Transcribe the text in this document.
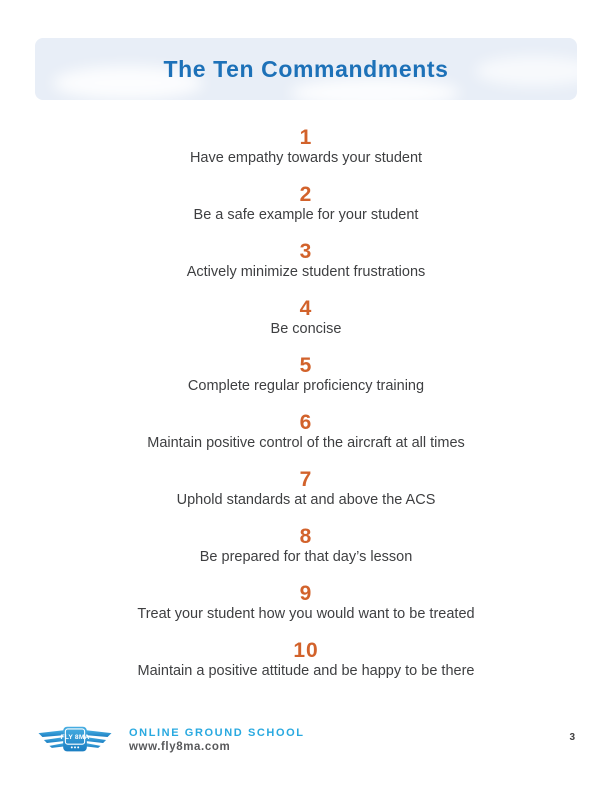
The Ten Commandments
1
Have empathy towards your student
2
Be a safe example for your student
3
Actively minimize student frustrations
4
Be concise
5
Complete regular proficiency training
6
Maintain positive control of the aircraft at all times
7
Uphold standards at and above the ACS
8
Be prepared for that day’s lesson
9
Treat your student how you would want to be treated
10
Maintain a positive attitude and be happy to be there
FLY 8MA	ONLINE GROUND SCHOOL
www.fly8ma.com
3
